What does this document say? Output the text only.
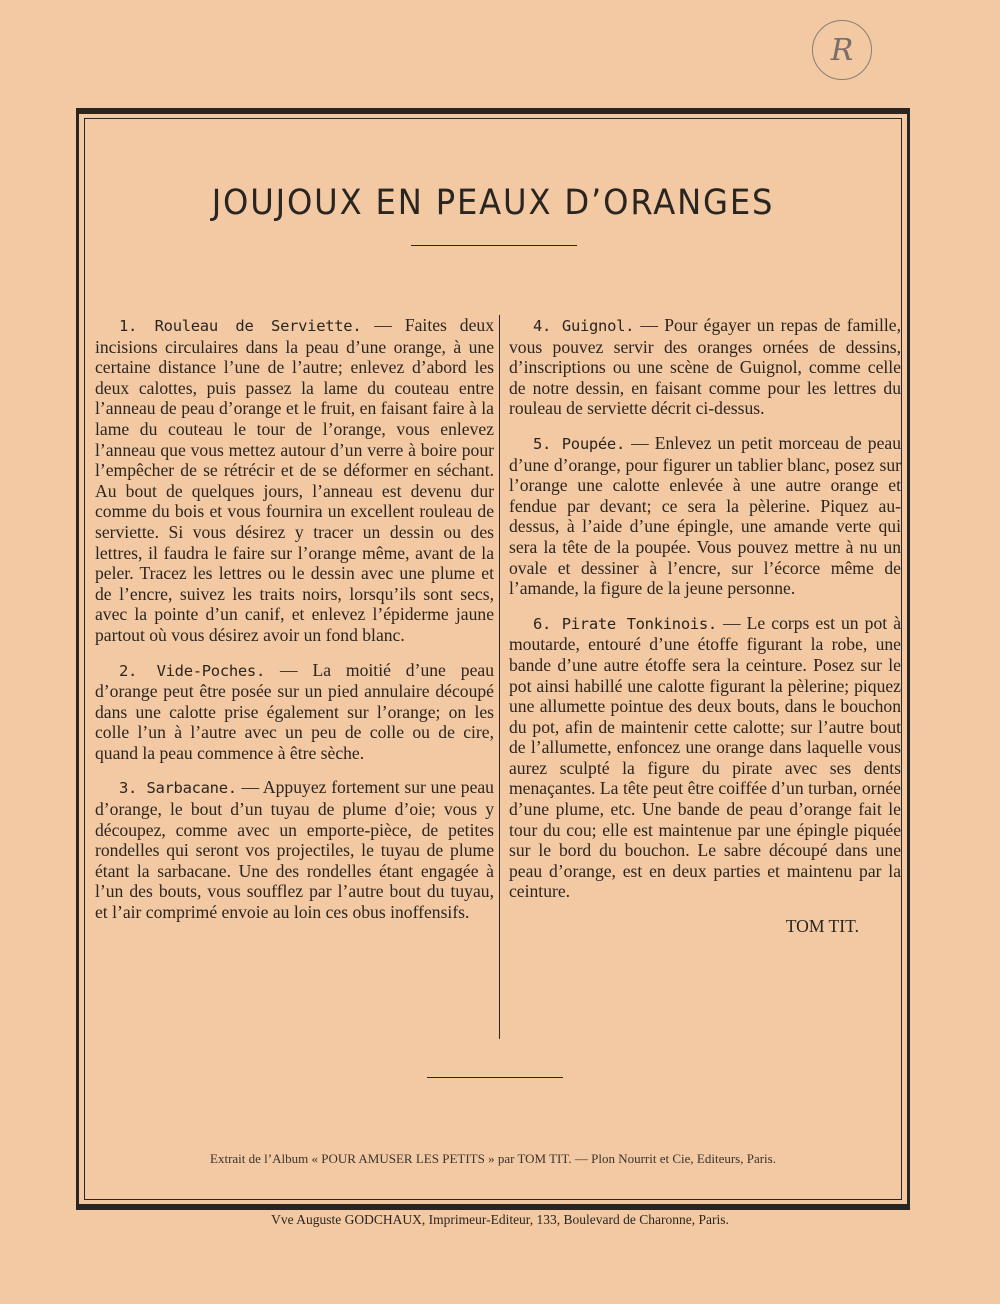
R
JOUJOUX EN PEAUX D’ORANGES

1. Rouleau de Serviette. — Faites deux incisions circulaires dans la peau d’une orange, à une certaine distance l’une de l’autre; enlevez d’abord les deux calottes, puis passez la lame du couteau entre l’anneau de peau d’orange et le fruit, en faisant faire à la lame du couteau le tour de l’orange, vous enlevez l’anneau que vous mettez autour d’un verre à boire pour l’empêcher de se rétrécir et de se déformer en séchant. Au bout de quelques jours, l’anneau est devenu dur comme du bois et vous fournira un excellent rouleau de serviette. Si vous désirez y tracer un dessin ou des lettres, il faudra le faire sur l’orange même, avant de la peler. Tracez les lettres ou le dessin avec une plume et de l’encre, suivez les traits noirs, lorsqu’ils sont secs, avec la pointe d’un canif, et enlevez l’épiderme jaune partout où vous désirez avoir un fond blanc.

2. Vide-Poches. — La moitié d’une peau d’orange peut être posée sur un pied annulaire découpé dans une calotte prise également sur l’orange; on les colle l’un à l’autre avec un peu de colle ou de cire, quand la peau commence à être sèche.

3. Sarbacane. — Appuyez fortement sur une peau d’orange, le bout d’un tuyau de plume d’oie; vous y découpez, comme avec un emporte-pièce, de petites rondelles qui seront vos projectiles, le tuyau de plume étant la sarbacane. Une des rondelles étant engagée à l’un des bouts, vous soufflez par l’autre bout du tuyau, et l’air comprimé envoie au loin ces obus inoffensifs.

4. Guignol. — Pour égayer un repas de famille, vous pouvez servir des oranges ornées de dessins, d’inscriptions ou une scène de Guignol, comme celle de notre dessin, en faisant comme pour les lettres du rouleau de serviette décrit ci-dessus.

5. Poupée. — Enlevez un petit morceau de peau d’une d’orange, pour figurer un tablier blanc, posez sur l’orange une calotte enlevée à une autre orange et fendue par devant; ce sera la pèlerine. Piquez au-dessus, à l’aide d’une épingle, une amande verte qui sera la tête de la poupée. Vous pouvez mettre à nu un ovale et dessiner à l’encre, sur l’écorce même de l’amande, la figure de la jeune personne.

6. Pirate Tonkinois. — Le corps est un pot à moutarde, entouré d’une étoffe figurant la robe, une bande d’une autre étoffe sera la ceinture. Posez sur le pot ainsi habillé une calotte figurant la pèlerine; piquez une allumette pointue des deux bouts, dans le bouchon du pot, afin de maintenir cette calotte; sur l’autre bout de l’allumette, enfoncez une orange dans laquelle vous aurez sculpté la figure du pirate avec ses dents menaçantes. La tête peut être coiffée d’un turban, ornée d’une plume, etc. Une bande de peau d’orange fait le tour du cou; elle est maintenue par une épingle piquée sur le bord du bouchon. Le sabre découpé dans une peau d’orange, est en deux parties et maintenu par la ceinture.

TOM TIT.
Extrait de l’Album « POUR AMUSER LES PETITS » par TOM TIT. — Plon Nourrit et Cie, Editeurs, Paris.
Vve Auguste GODCHAUX, Imprimeur-Editeur, 133, Boulevard de Charonne, Paris.
